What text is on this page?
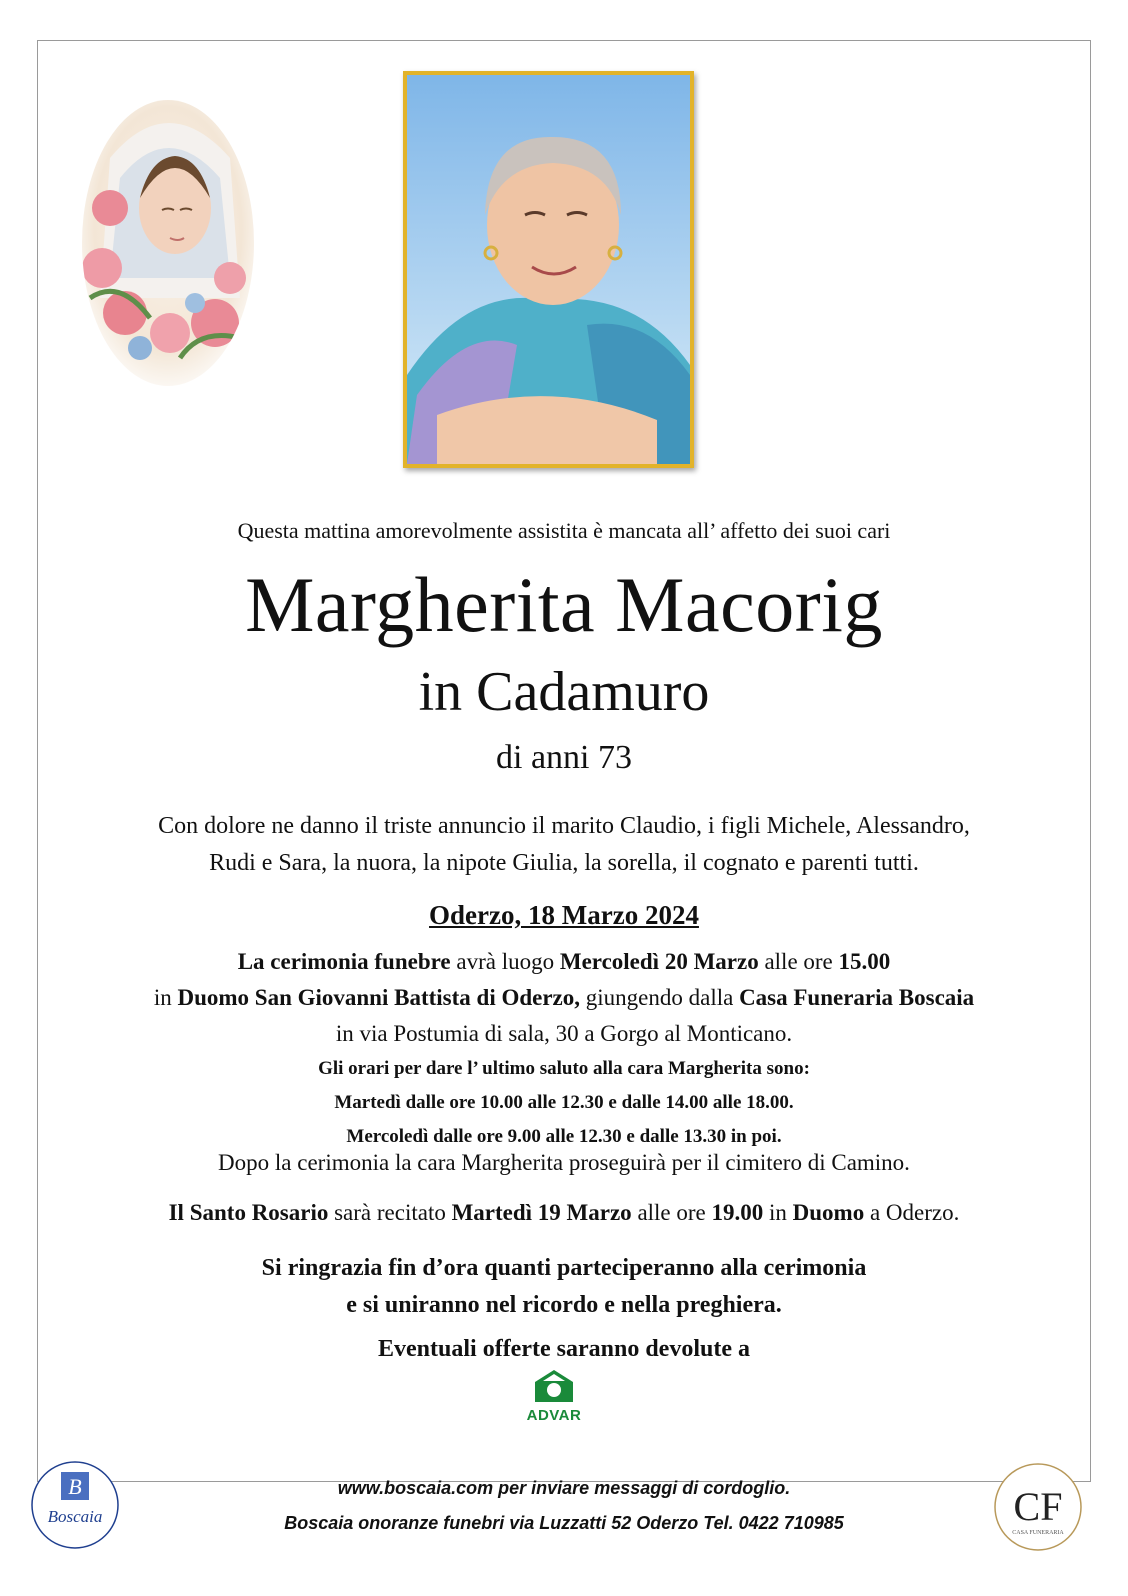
Questa mattina amorevolmente assistita è mancata all’ affetto dei suoi cari
Margherita Macorig
in Cadamuro
di anni 73
Con dolore ne danno il triste annuncio il marito Claudio, i figli Michele, Alessandro,
Rudi e Sara, la nuora, la nipote Giulia, la sorella, il cognato e parenti tutti.
Oderzo, 18 Marzo 2024
La cerimonia funebre avrà luogo Mercoledì 20 Marzo alle ore 15.00
in Duomo San Giovanni Battista di Oderzo, giungendo dalla Casa Funeraria Boscaia
in via Postumia di sala, 30 a Gorgo al Monticano.
Gli orari per dare l’ ultimo saluto alla cara Margherita sono:
Martedì dalle ore 10.00 alle 12.30 e dalle 14.00 alle 18.00.
Mercoledì dalle ore 9.00 alle 12.30 e dalle 13.30 in poi.
Dopo la cerimonia la cara Margherita proseguirà per il cimitero di Camino.
Il Santo Rosario sarà recitato Martedì 19 Marzo alle ore 19.00 in Duomo a Oderzo.
Si ringrazia fin d’ora quanti parteciperanno alla cerimonia
e si uniranno nel ricordo e nella preghiera.
Eventuali offerte saranno devolute a
ADVAR
B
Boscaia	CF
CASA FUNERARIA
www.boscaia.com per inviare messaggi di cordoglio.
Boscaia onoranze funebri via Luzzatti 52 Oderzo Tel. 0422 710985
